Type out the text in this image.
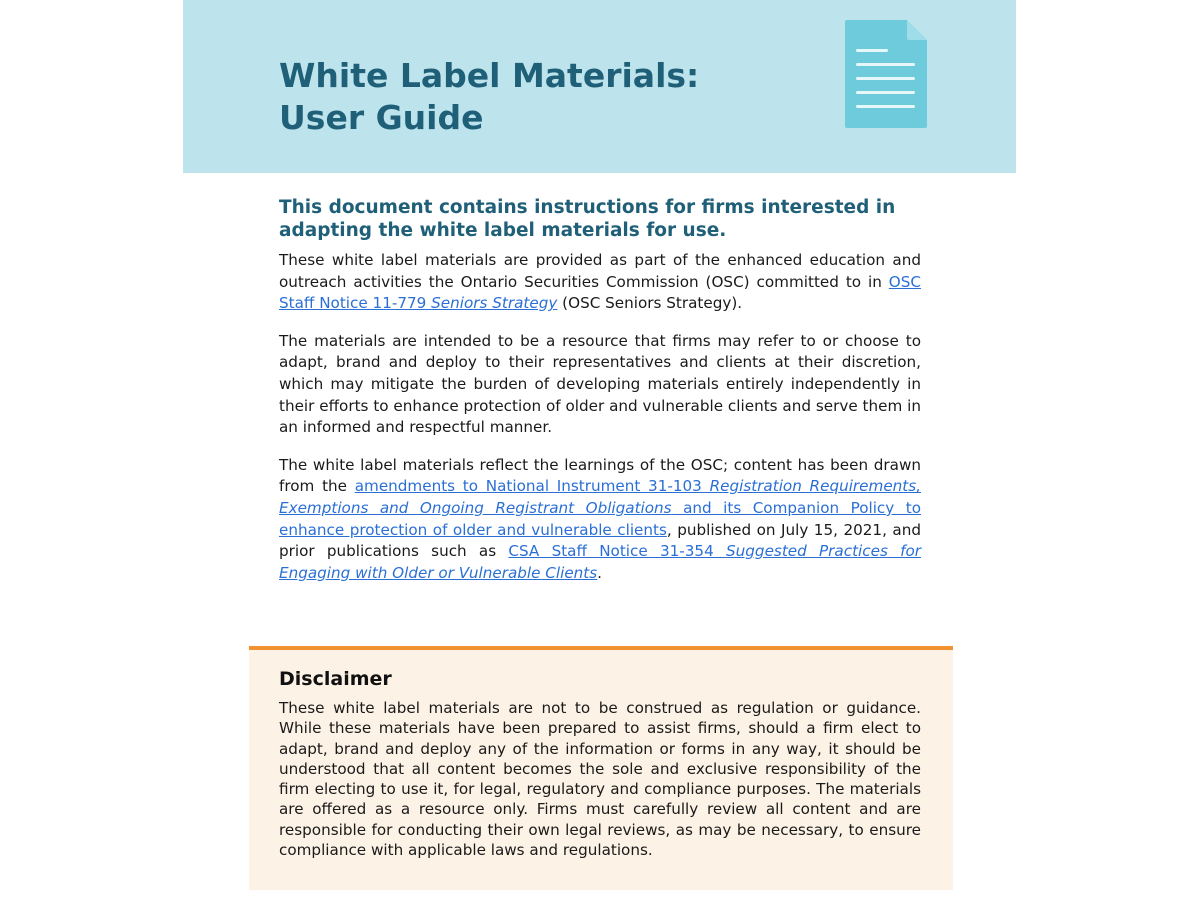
White Label Materials:
User Guide
This document contains instructions for firms interested in adapting the white label materials for use.

These white label materials are provided as part of the enhanced education and outreach activities the Ontario Securities Commission (OSC) committed to in OSC Staff Notice 11-779 Seniors Strategy (OSC Seniors Strategy).

The materials are intended to be a resource that firms may refer to or choose to adapt, brand and deploy to their representatives and clients at their discretion, which may mitigate the burden of developing materials entirely independently in their efforts to enhance protection of older and vulnerable clients and serve them in an informed and respectful manner.

The white label materials reflect the learnings of the OSC; content has been drawn from the amendments to National Instrument 31-103 Registration Requirements, Exemptions and Ongoing Registrant Obligations and its Companion Policy to enhance protection of older and vulnerable clients, published on July 15, 2021, and prior publications such as CSA Staff Notice 31-354 Suggested Practices for Engaging with Older or Vulnerable Clients.

Disclaimer

These white label materials are not to be construed as regulation or guidance. While these materials have been prepared to assist firms, should a firm elect to adapt, brand and deploy any of the information or forms in any way, it should be understood that all content becomes the sole and exclusive responsibility of the firm electing to use it, for legal, regulatory and compliance purposes. The materials are offered as a resource only. Firms must carefully review all content and are responsible for conducting their own legal reviews, as may be necessary, to ensure compliance with applicable laws and regulations.
